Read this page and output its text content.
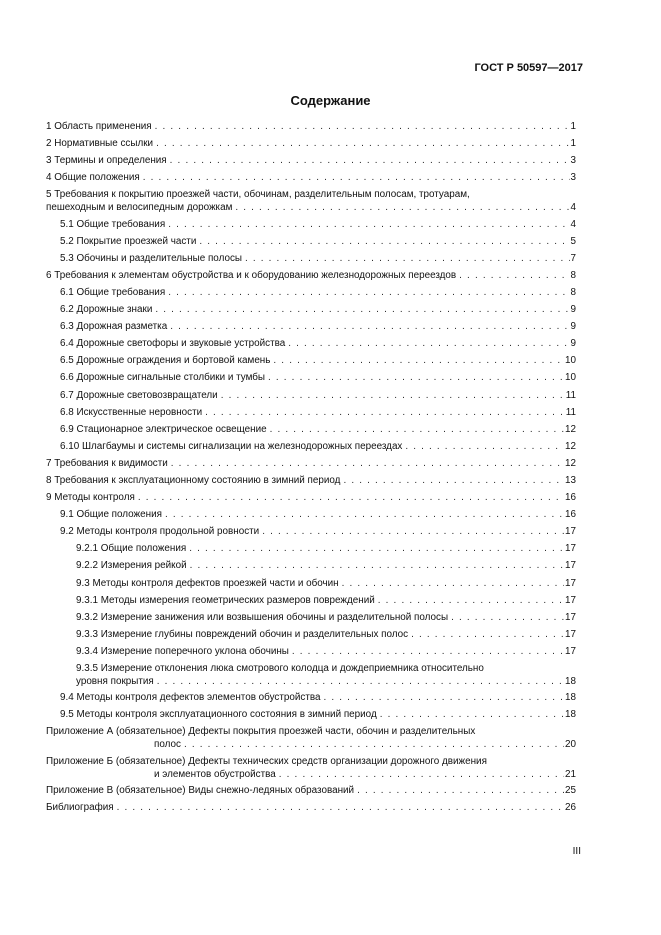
ГОСТ Р 50597—2017
Содержание
1 Область применения . . .	1
2 Нормативные ссылки . . .	1
3 Термины и определения . . .	3
4 Общие положения . . .	3
5 Требования к покрытию проезжей части, обочинам, разделительным полосам, тротуарам,
пешеходным и велосипедным дорожкам . . .	4
5.1 Общие требования . . .	4
5.2 Покрытие проезжей части . . .	5
5.3 Обочины и разделительные полосы . . .	7
6 Требования к элементам обустройства и к оборудованию железнодорожных переездов . . .	8
6.1 Общие требования . . .	8
6.2 Дорожные знаки . . .	9
6.3 Дорожная разметка . . .	9
6.4 Дорожные светофоры и звуковые устройства . . .	9
6.5 Дорожные ограждения и бортовой камень . . .	10
6.6 Дорожные сигнальные столбики и тумбы . . .	10
6.7 Дорожные световозвращатели . . .	11
6.8 Искусственные неровности . . .	11
6.9 Стационарное электрическое освещение . . .	12
6.10 Шлагбаумы и системы сигнализации на железнодорожных переездах . . .	12
7 Требования к видимости . . .	12
8 Требования к эксплуатационному состоянию в зимний период . . .	13
9 Методы контроля . . .	16
9.1 Общие положения . . .	16
9.2 Методы контроля продольной ровности . . .	17
9.2.1 Общие положения . . .	17
9.2.2 Измерения рейкой . . .	17
9.3 Методы контроля дефектов проезжей части и обочин . . .	17
9.3.1 Методы измерения геометрических размеров повреждений . . .	17
9.3.2 Измерение занижения или возвышения обочины и разделительной полосы . . .	17
9.3.3 Измерение глубины повреждений обочин и разделительных полос . . .	17
9.3.4 Измерение поперечного уклона обочины . . .	17
9.3.5 Измерение отклонения люка смотрового колодца и дождеприемника относительно
уровня покрытия . . .	18
9.4 Методы контроля дефектов элементов обустройства . . .	18
9.5 Методы контроля эксплуатационного состояния в зимний период . . .	18
Приложение А (обязательное) Дефекты покрытия проезжей части, обочин и разделительных
полос . . .	20
Приложение Б (обязательное) Дефекты технических средств организации дорожного движения
и элементов обустройства . . .	21
Приложение В (обязательное) Виды снежно-ледяных образований . . .	25
Библиография . . .	26
III
